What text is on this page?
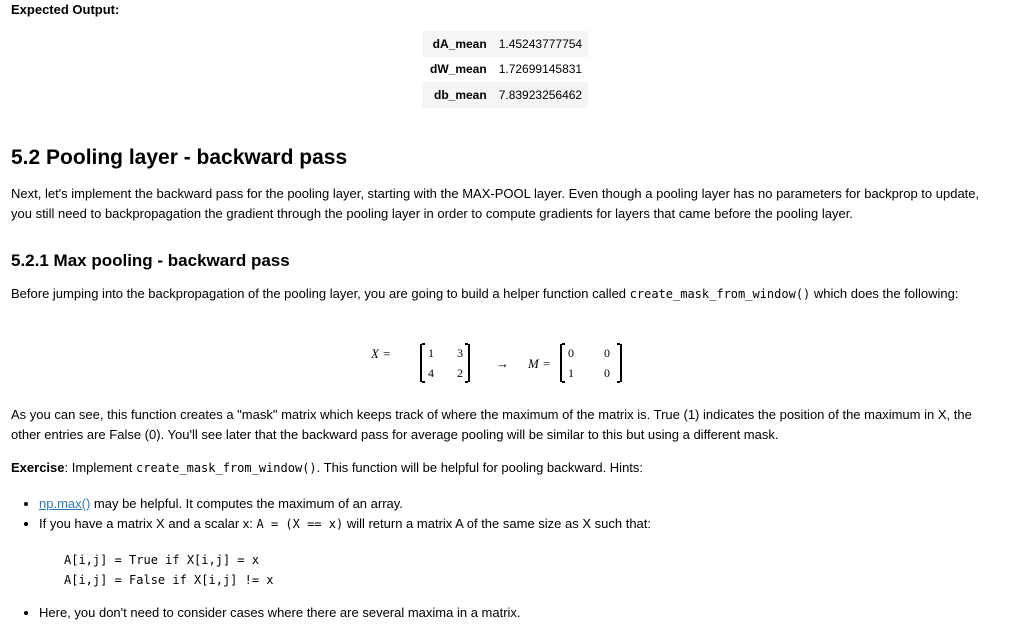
Expected Output:
dA_mean	1.45243777754
dW_mean	1.72699145831
db_mean	7.83923256462
5.2 Pooling layer - backward pass

Next, let's implement the backward pass for the pooling layer, starting with the MAX-POOL layer. Even though a pooling layer has no parameters for backprop to update, you still need to backpropagation the gradient through the pooling layer in order to compute gradients for layers that came before the pooling layer.

5.2.1 Max pooling - backward pass

Before jumping into the backpropagation of the pooling layer, you are going to build a helper function called create_mask_from_window() which does the following:

X =	1 3
4 2
→ M =
0	0
1	0

As you can see, this function creates a "mask" matrix which keeps track of where the maximum of the matrix is. True (1) indicates the position of the maximum in X, the other entries are False (0). You'll see later that the backward pass for average pooling will be similar to this but using a different mask.

Exercise: Implement create_mask_from_window(). This function will be helpful for pooling backward. Hints:

• np.max() may be helpful. It computes the maximum of an array.
• If you have a matrix X and a scalar x: A = (X == x) will return a matrix A of the same size as X such that:
A[i,j] = True if X[i,j] = x
A[i,j] = False if X[i,j] != x
• Here, you don't need to consider cases where there are several maxima in a matrix.
